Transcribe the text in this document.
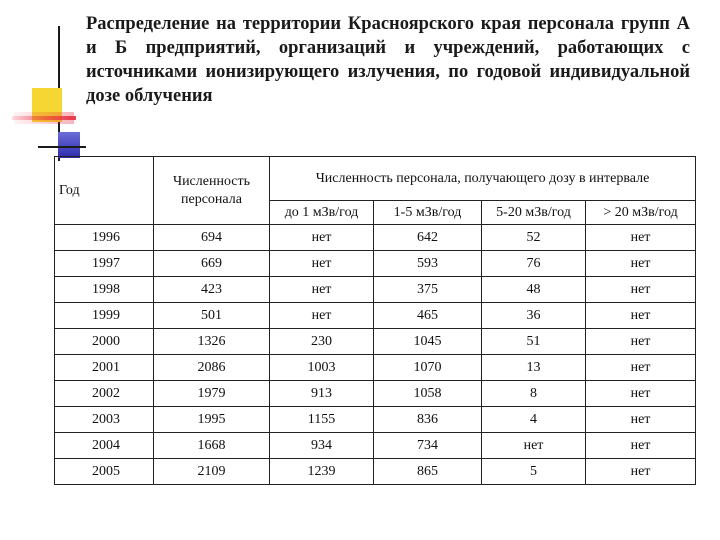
Распределение на территории Красноярского края персонала групп А и Б предприятий, организаций и учреждений, работающих с источниками ионизирующего излучения, по годовой индивидуальной дозе облучения

Год	Численность персонала	Численность персонала, получающего дозу в интервале			
		до 1 мЗв/год	1-5 мЗв/год	5-20 мЗв/год	> 20 мЗв/год
1996	694	нет	642	52	нет
1997	669	нет	593	76	нет
1998	423	нет	375	48	нет
1999	501	нет	465	36	нет
2000	1326	230	1045	51	нет
2001	2086	1003	1070	13	нет
2002	1979	913	1058	8	нет
2003	1995	1155	836	4	нет
2004	1668	934	734	нет	нет
2005	2109	1239	865	5	нет
